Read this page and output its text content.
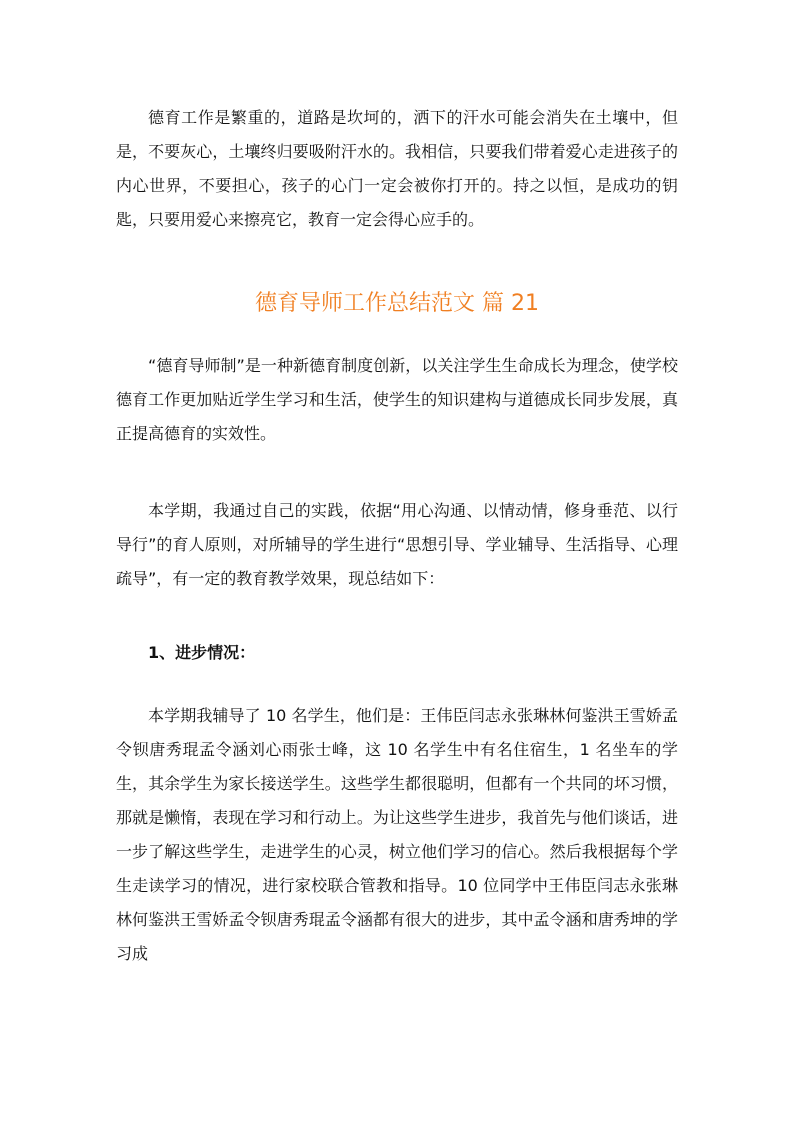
德育工作是繁重的，道路是坎坷的，洒下的汗水可能会消失在土壤中，但是，不要灰心，土壤终归要吸附汗水的。我相信，只要我们带着爱心走进孩子的内心世界，不要担心，孩子的心门一定会被你打开的。持之以恒，是成功的钥匙，只要用爱心来擦亮它，教育一定会得心应手的。

德育导师工作总结范文 篇 21

“德育导师制”是一种新德育制度创新，以关注学生生命成长为理念，使学校德育工作更加贴近学生学习和生活，使学生的知识建构与道德成长同步发展，真正提高德育的实效性。

本学期，我通过自己的实践，依据“用心沟通、以情动情，修身垂范、以行导行”的育人原则，对所辅导的学生进行“思想引导、学业辅导、生活指导、心理疏导”，有一定的教育教学效果，现总结如下：

1、进步情况：

本学期我辅导了 10 名学生，他们是：王伟臣闫志永张琳林何鉴洪王雪娇孟令钡唐秀琨孟令涵刘心雨张士峰，这 10 名学生中有名住宿生，1 名坐车的学生，其余学生为家长接送学生。这些学生都很聪明，但都有一个共同的坏习惯，那就是懒惰，表现在学习和行动上。为让这些学生进步，我首先与他们谈话，进一步了解这些学生，走进学生的心灵，树立他们学习的信心。然后我根据每个学生走读学习的情况，进行家校联合管教和指导。10 位同学中王伟臣闫志永张琳林何鉴洪王雪娇孟令钡唐秀琨孟令涵都有很大的进步，其中孟令涵和唐秀坤的学习成
